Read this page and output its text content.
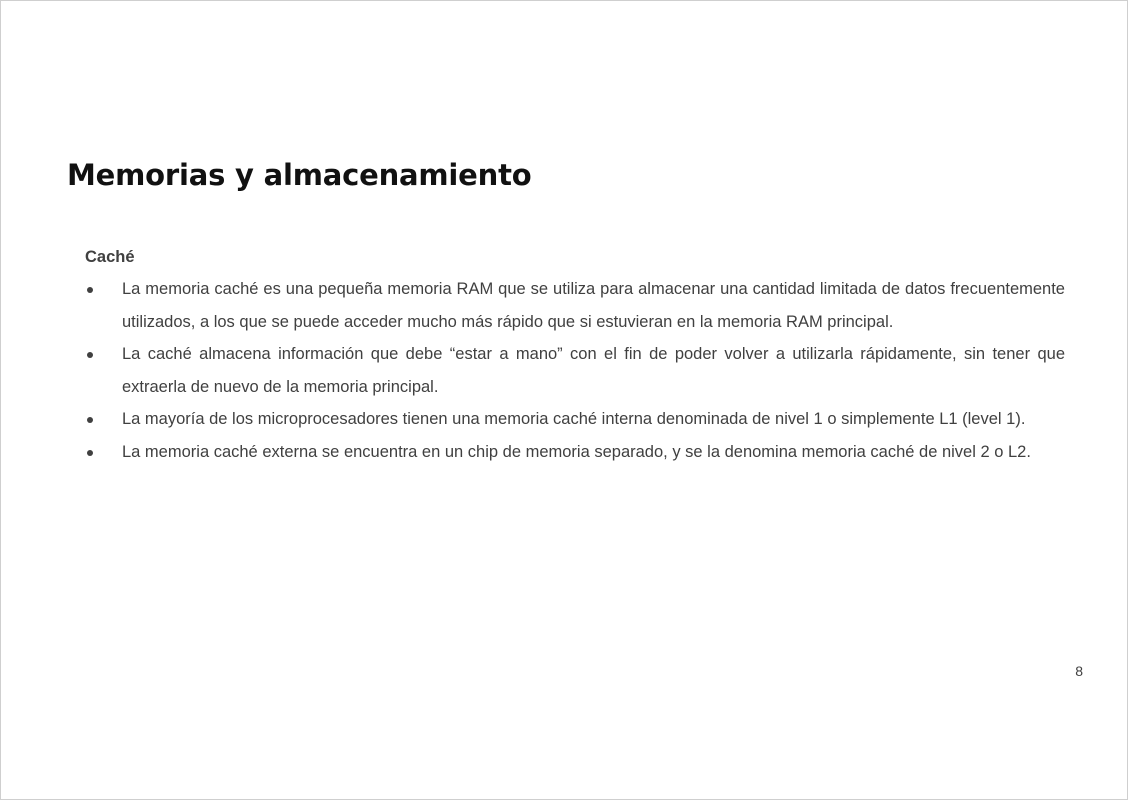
Memorias y almacenamiento
Caché
La memoria caché es una pequeña memoria RAM que se utiliza para almacenar una cantidad limitada de datos frecuentemente utilizados, a los que se puede acceder mucho más rápido que si estuvieran en la memoria RAM principal.
La caché almacena información que debe “estar a mano” con el fin de poder volver a utilizarla rápidamente, sin tener que extraerla de nuevo de la memoria principal.
La mayoría de los microprocesadores tienen una memoria caché interna denominada de nivel 1 o simplemente L1 (level 1).
La memoria caché externa se encuentra en un chip de memoria separado, y se la denomina memoria caché de nivel 2 o L2.
8
